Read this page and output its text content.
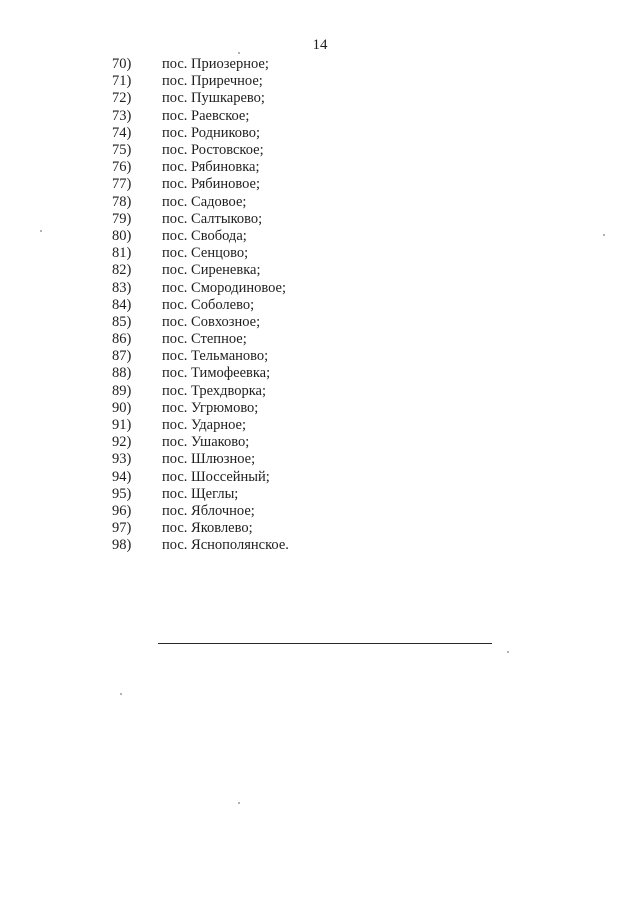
14
70)	пос. Приозерное;
71)	пос. Приречное;
72)	пос. Пушкарево;
73)	пос. Раевское;
74)	пос. Родниково;
75)	пос. Ростовское;
76)	пос. Рябиновка;
77)	пос. Рябиновое;
78)	пос. Садовое;
79)	пос. Салтыково;
80)	пос. Свобода;
81)	пос. Сенцово;
82)	пос. Сиреневка;
83)	пос. Смородиновое;
84)	пос. Соболево;
85)	пос. Совхозное;
86)	пос. Степное;
87)	пос. Тельманово;
88)	пос. Тимофеевка;
89)	пос. Трехдворка;
90)	пос. Угрюмово;
91)	пос. Ударное;
92)	пос. Ушаково;
93)	пос. Шлюзное;
94)	пос. Шоссейный;
95)	пос. Щеглы;
96)	пос. Яблочное;
97)	пос. Яковлево;
98)	пос. Яснополянское.
